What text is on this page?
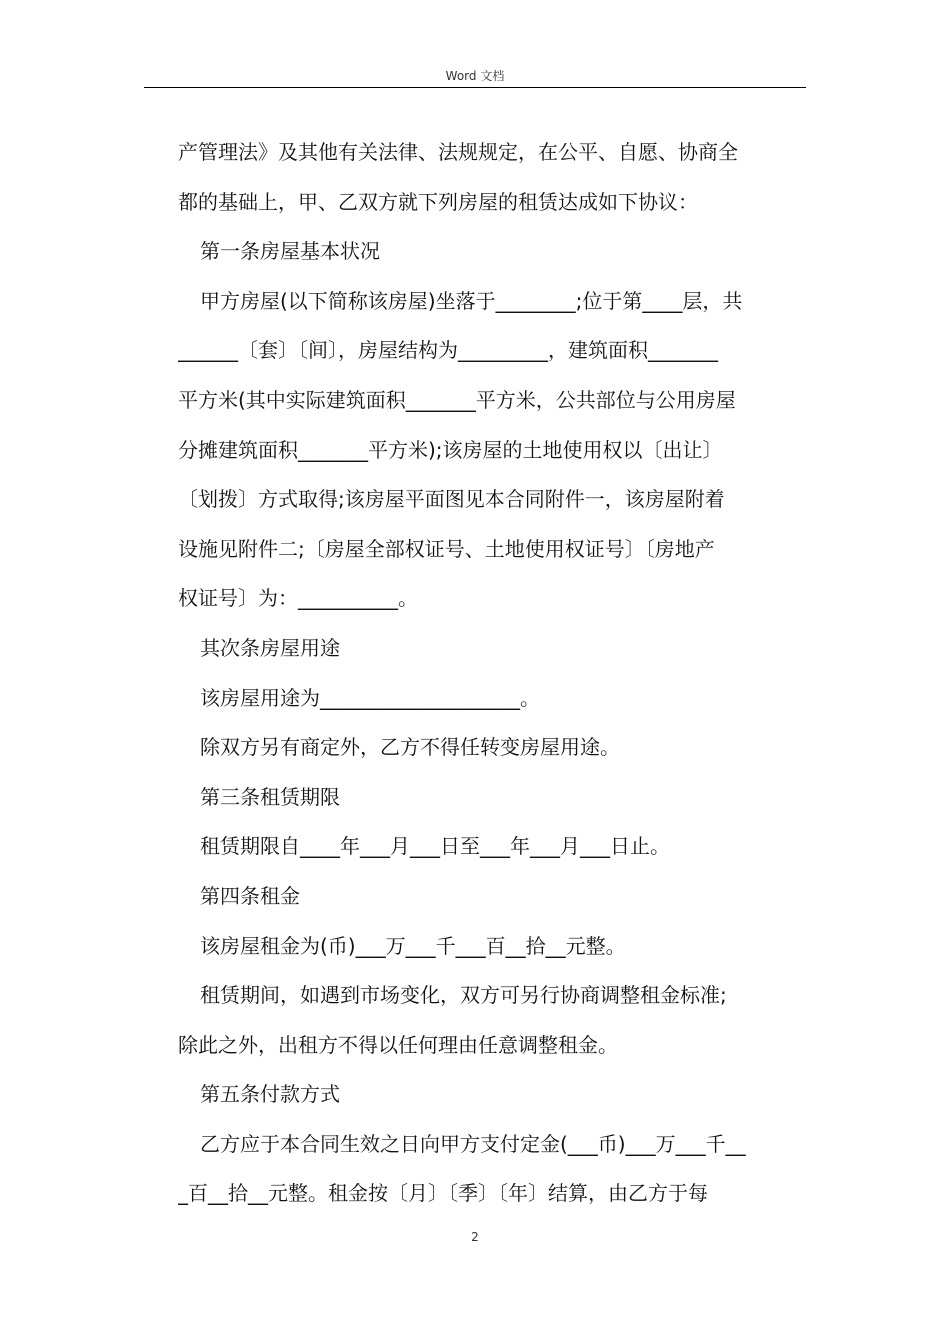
Word 文档
产管理法》及其他有关法律、法规规定，在公平、自愿、协商全
都的基础上，甲、乙双方就下列房屋的租赁达成如下协议：
第一条房屋基本状况
甲方房屋(以下简称该房屋)坐落于________;位于第____层，共
______〔套〕〔间〕，房屋结构为_________，建筑面积_______
平方米(其中实际建筑面积_______平方米，公共部位与公用房屋
分摊建筑面积_______平方米);该房屋的土地使用权以〔出让〕
〔划拨〕方式取得;该房屋平面图见本合同附件一，该房屋附着
设施见附件二;〔房屋全部权证号、土地使用权证号〕〔房地产
权证号〕为：__________。
其次条房屋用途
该房屋用途为____________________。
除双方另有商定外，乙方不得任转变房屋用途。
第三条租赁期限
租赁期限自____年___月___日至___年___月___日止。
第四条租金
该房屋租金为(币)___万___千___百__拾__元整。
租赁期间，如遇到市场变化，双方可另行协商调整租金标准;
除此之外，出租方不得以任何理由任意调整租金。
第五条付款方式
乙方应于本合同生效之日向甲方支付定金(___币)___万___千__
_百__拾__元整。租金按〔月〕〔季〕〔年〕结算，由乙方于每
2
